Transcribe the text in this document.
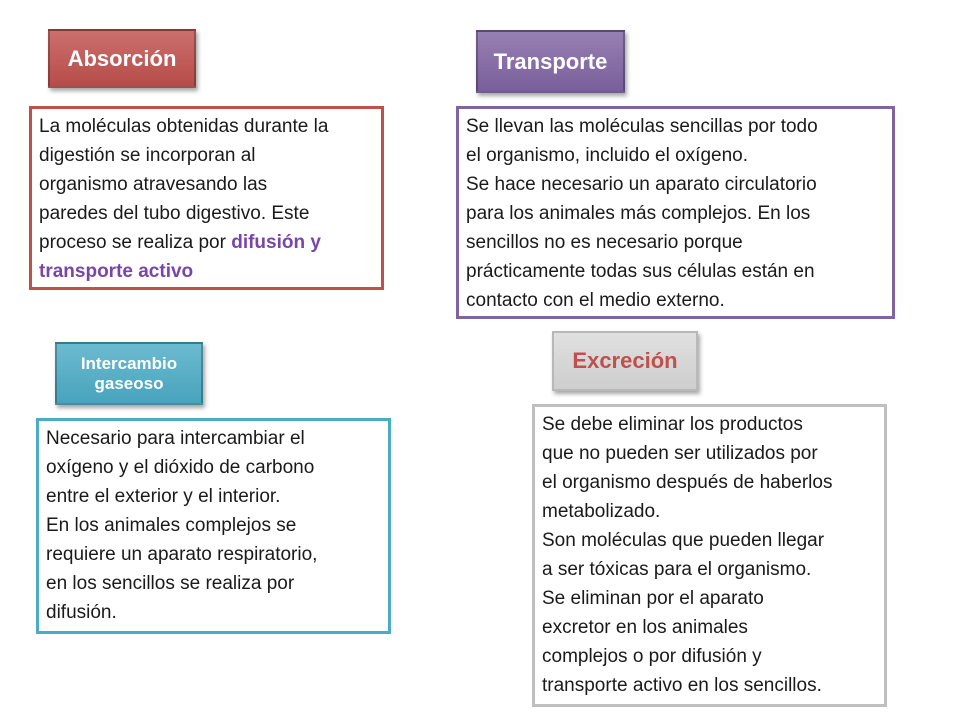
Absorción

La moléculas obtenidas durante la

digestión se incorporan al

organismo atravesando las

paredes del tubo digestivo. Este

proceso se realiza por difusión y

transporte activo

Transporte

Se llevan las moléculas sencillas por todo

el organismo, incluido el oxígeno.

Se hace necesario un aparato circulatorio

para los animales más complejos. En los

sencillos no es necesario porque

prácticamente todas sus células están en

contacto con el medio externo.

Intercambio
gaseoso

Necesario para intercambiar el

oxígeno y el dióxido de carbono

entre el exterior y el interior.

En los animales complejos se

requiere un aparato respiratorio,

en los sencillos se realiza por

difusión.

Excreción

Se debe eliminar los productos

que no pueden ser utilizados por

el organismo después de haberlos

metabolizado.

Son moléculas que pueden llegar

a ser tóxicas para el organismo.

Se eliminan por el aparato

excretor en los animales

complejos o por difusión y

transporte activo en los sencillos.
